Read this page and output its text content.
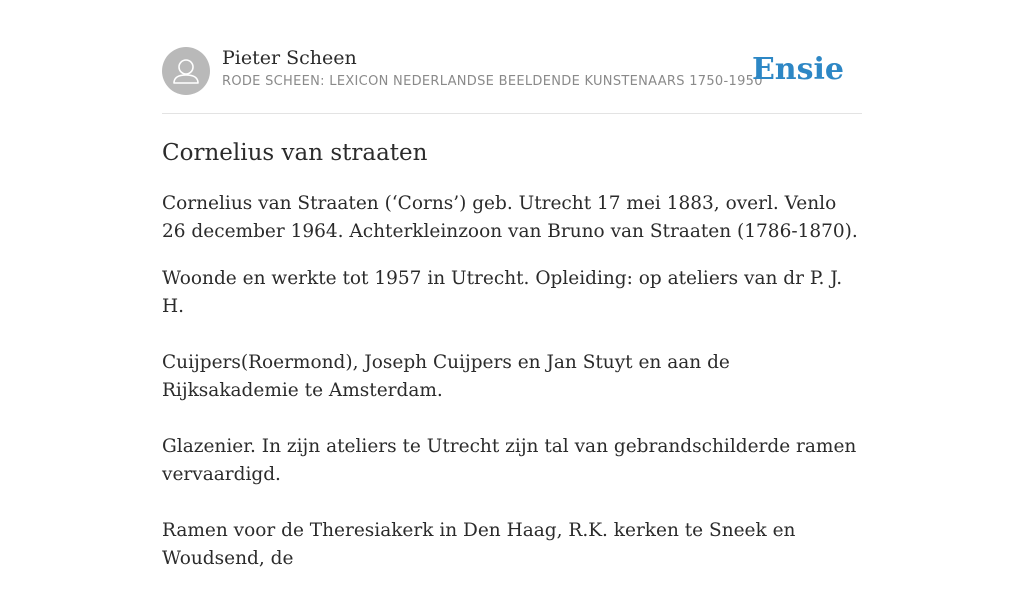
Pieter Scheen
RODE SCHEEN: LEXICON NEDERLANDSE BEELDENDE KUNSTENAARS 1750-1950
Ensie
Cornelius van straaten

Cornelius van Straaten (‘Corns’) geb. Utrecht 17 mei 1883, overl. Venlo 26 december 1964. Achterkleinzoon van Bruno van Straaten (1786-1870).

Woonde en werkte tot 1957 in Utrecht. Opleiding: op ateliers van dr P. J. H.

Cuijpers(Roermond), Joseph Cuijpers en Jan Stuyt en aan de Rijksakademie te Amsterdam.

Glazenier. In zijn ateliers te Utrecht zijn tal van gebrandschilderde ramen vervaardigd.

Ramen voor de Theresiakerk in Den Haag, R.K. kerken te Sneek en Woudsend, de
